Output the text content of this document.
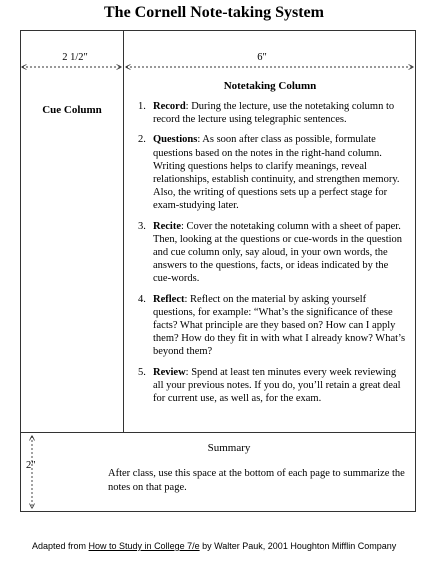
The Cornell Note-taking System
2 1/2"	6"
2"
Cue Column
Notetaking Column
1. Record: During the lecture, use the notetaking column to record the lecture using telegraphic sentences.
2. Questions: As soon after class as possible, formulate questions based on the notes in the right-hand column. Writing questions helps to clarify meanings, reveal relationships, establish continuity, and strengthen memory. Also, the writing of questions sets up a perfect stage for exam-studying later.
3. Recite: Cover the notetaking column with a sheet of paper. Then, looking at the questions or cue-words in the question and cue column only, say aloud, in your own words, the answers to the questions, facts, or ideas indicated by the cue-words.
4. Reflect: Reflect on the material by asking yourself questions, for example: “What’s the significance of these facts? What principle are they based on? How can I apply them? How do they fit in with what I already know? What’s beyond them?
5. Review: Spend at least ten minutes every week reviewing all your previous notes. If you do, you’ll retain a great deal for current use, as well as, for the exam.
Summary
After class, use this space at the bottom of each page to summarize the notes on that page.
Adapted from How to Study in College 7/e by Walter Pauk, 2001 Houghton Mifflin Company
